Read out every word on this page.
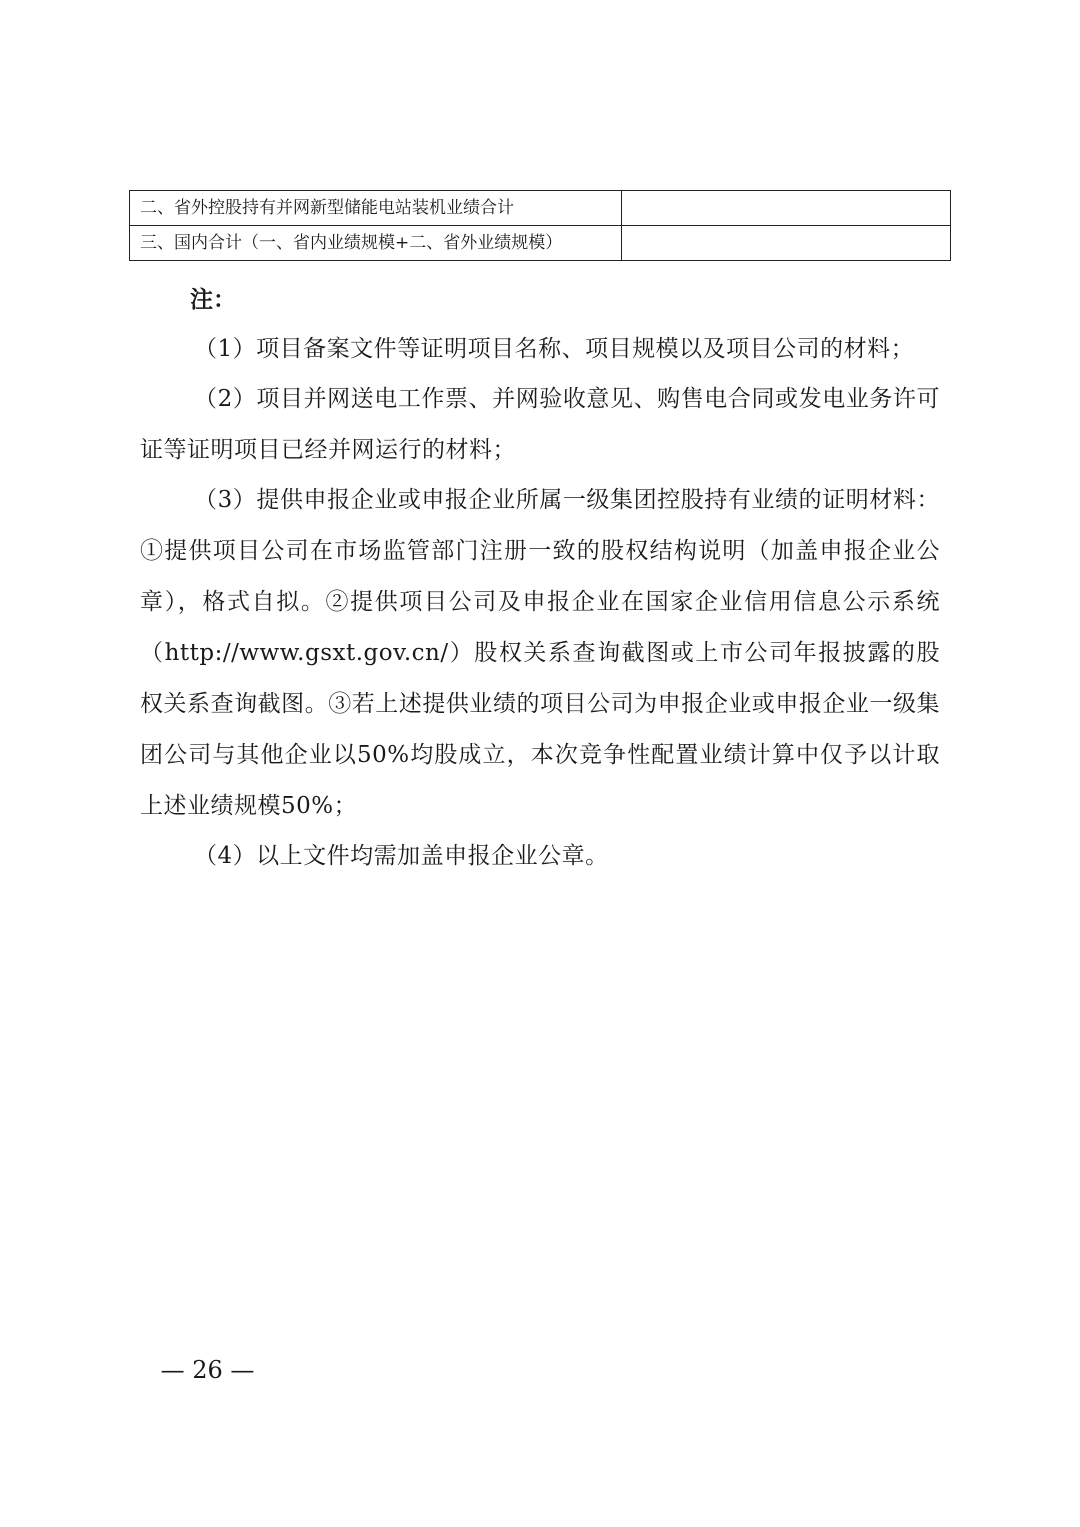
二、省外控股持有并网新型储能电站装机业绩合计	
三、国内合计（一、省内业绩规模+二、省外业绩规模）	
注：

（1）项目备案文件等证明项目名称、项目规模以及项目公司的材料；

（2）项目并网送电工作票、并网验收意见、购售电合同或发电业务许可证等证明项目已经并网运行的材料；

（3）提供申报企业或申报企业所属一级集团控股持有业绩的证明材料：①提供项目公司在市场监管部门注册一致的股权结构说明（加盖申报企业公章），格式自拟。②提供项目公司及申报企业在国家企业信用信息公示系统（http://www.gsxt.gov.cn/）股权关系查询截图或上市公司年报披露的股权关系查询截图。③若上述提供业绩的项目公司为申报企业或申报企业一级集团公司与其他企业以50%均股成立，本次竞争性配置业绩计算中仅予以计取上述业绩规模50%；

（4）以上文件均需加盖申报企业公章。

— 26 —
